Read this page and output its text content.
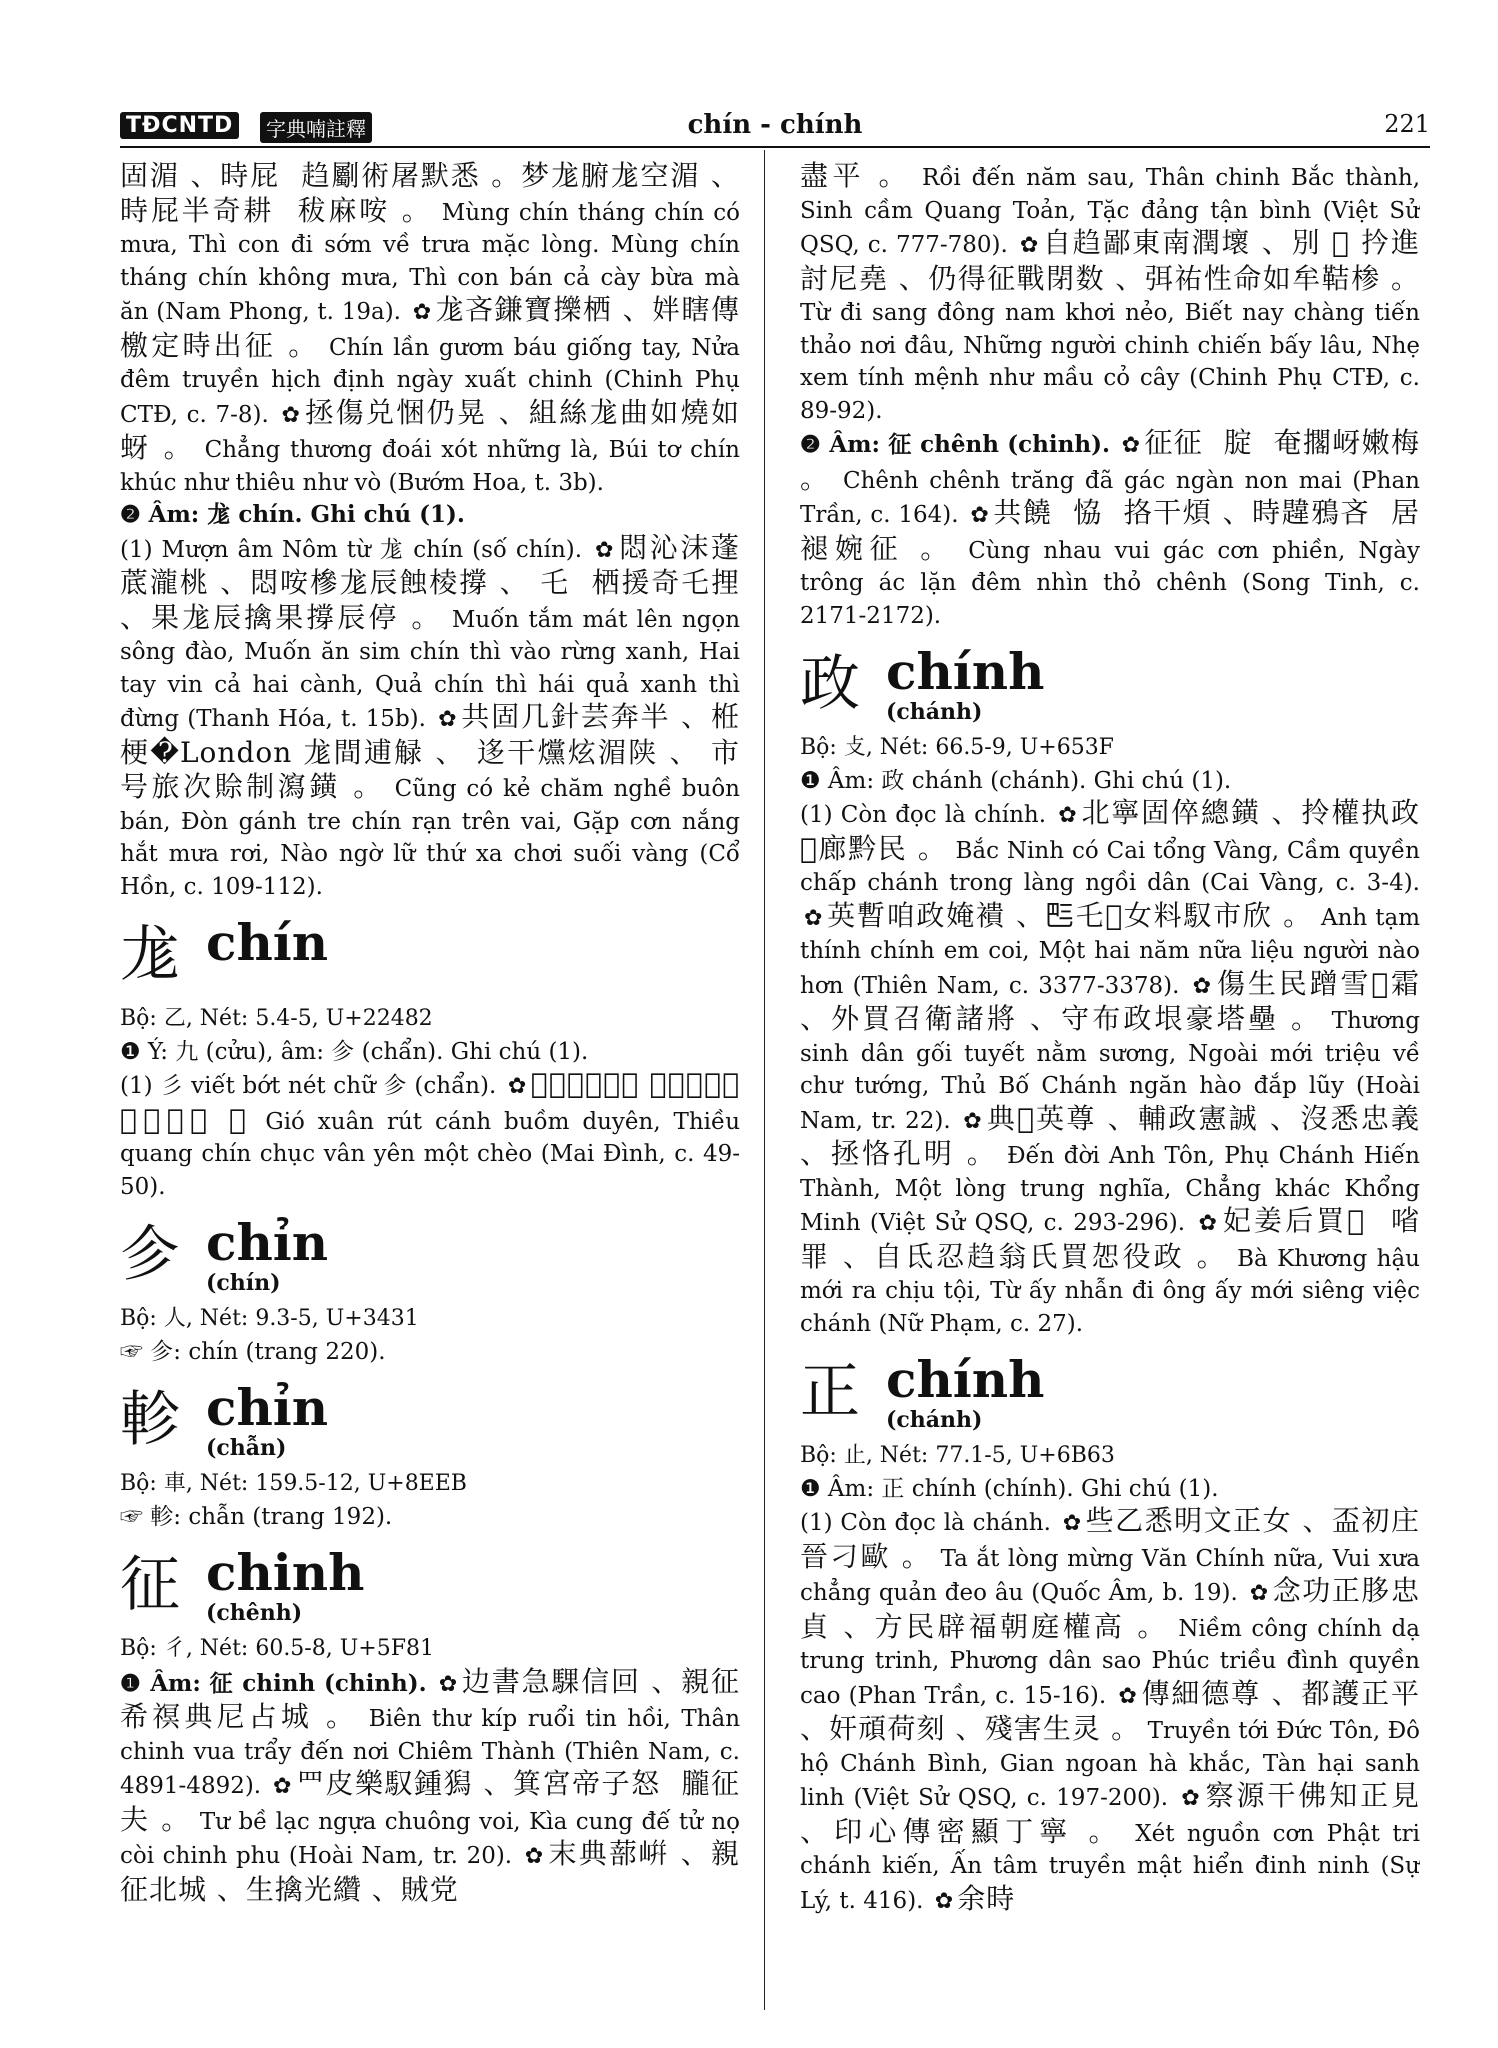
TĐCNTD	字典喃註釋	chín - chính	221

固湄 、時屁 ​​ 趋劚術屠默悉 。梦尨腑尨空湄 、時屁半奇耕 ​​ 秡麻咹 。 Mùng chín tháng chín có mưa, Thì con đi sớm về trưa mặc lòng. Mùng chín tháng chín không mưa, Thì con bán cả cày bừa mà ăn (Nam Phong, t. 19a). ✿ 尨吝鎌寶擽栖 、姅瞎傳檄定時出征 。 Chín lần gươm báu giống tay, Nửa đêm truyền hịch định ngày xuất chinh (Chinh Phụ CTĐ, c. 7-8). ✿ 拯傷兑悃仍晃 、組絲尨曲如燒如蚜 。 Chẳng thương đoái xót những là, Búi tơ chín khúc như thiêu như vò (Bướm Hoa, t. 3b).

❷ Âm: 尨 chín. Ghi chú (1).

(1) Mượn âm Nôm từ 尨 chín (số chín). ✿ 悶沁沫蓬菧瀧桃 、悶咹槮尨辰蝕棱撐 、 乇 ​​ 栖援奇乇捚 、果尨辰擒果撐辰停 。 Muốn tắm mát lên ngọn sông đào, Muốn ăn sim chín thì vào rừng xanh, Hai tay vin cả hai cành, Quả chín thì hái quả xanh thì đừng (Thanh Hóa, t. 15b). ✿ 共固几針芸奔半 、栣梗�London 尨間逋觮 、 迻干爣炫湄陕 、 市 号旅次賒制瀉鐄 。 Cũng có kẻ chăm nghề buôn bán, Đòn gánh tre chín rạn trên vai, Gặp cơn nắng hắt mưa rơi, Nào ngờ lữ thứ xa chơi suối vàng (Cổ Hồn, c. 109-112).

尨 chín

Bộ: 乙, Nét: 5.4-5, U+22482

❶ Ý: 九 (cửu), âm: 㐱 (chẩn). Ghi chú (1).

(1) 彡 viết bớt nét chữ 㐱 (chẩn). ✿ 𩙌春捽翅帆緣 、韶光尨㥀雲煙沒𨖅 。 Gió xuân rút cánh buồm duyên, Thiều quang chín chục vân yên một chèo (Mai Đình, c. 49-50).

㐱 chỉn
(chín)

Bộ: 人, Nét: 9.3-5, U+3431

☞ 㐱: chín (trang 220).

軫 chỉn
(chẫn)

Bộ: 車, Nét: 159.5-12, U+8EEB

☞ 軫: chẫn (trang 192).

征 chinh
(chênh)

Bộ: 彳, Nét: 60.5-8, U+5F81

❶ Âm: 征 chinh (chinh). ✿ 边書急騍信回 、親征希䄙典尼占城 。 Biên thư kíp ruổi tin hồi, Thân chinh vua trẩy đến nơi Chiêm Thành (Thiên Nam, c. 4891-4892). ✿ 罒皮樂馭鍾獡 、箕宮帝子怒 ​​ 朧征夫 。 Tư bề lạc ngựa chuông voi, Kìa cung đế tử nọ còi chinh phu (Hoài Nam, tr. 20). ✿ 末典蔀𡸫 、親征北城 、生擒光纘 、賊党

盡平 。 Rồi đến năm sau, Thân chinh Bắc thành, Sinh cầm Quang Toản, Tặc đảng tận bình (Việt Sử QSQ, c. 777-780). ✿ 自趋鄙東南潤壞 、別 𠳨 扲進討尼堯 、仍得征戰閉数 、弭祐性命如牟鞊椮 。 Từ đi sang đông nam khơi nẻo, Biết nay chàng tiến thảo nơi đâu, Những người chinh chiến bấy lâu, Nhẹ xem tính mệnh như mầu cỏ cây (Chinh Phụ CTĐ, c. 89-92).

❷ Âm: 征 chênh (chinh). ✿ 征征 ​​ 腚 ​​ 奄擱岈嫩梅 。 Chênh chênh trăng đã gác ngàn non mai (Phan Trần, c. 164). ✿ 共饒 ​​ 恊 ​​ 挌干煩 、時韙鴉吝 ​​ 居褪婉征 。 Cùng nhau vui gác cơn phiền, Ngày trông ác lặn đêm nhìn thỏ chênh (Song Tinh, c. 2171-2172).

政 chính
(chánh)

Bộ: 攴, Nét: 66.5-9, U+653F

❶ Âm: 政 chánh (chánh). Ghi chú (1).

(1) Còn đọc là chính. ✿ 北寧固倅總鐄 、拎權执政𥙩廊黔民 。 Bắc Ninh có Cai tổng Vàng, Cầm quyền chấp chánh trong làng ngồi dân (Cai Vàng, c. 3-4). ✿ 英暫咱政㛪䙡 、𠀧乇𢆥女料馭市欣 。 Anh tạm thính chính em coi, Một hai năm nữa liệu người nào hơn (Thiên Nam, c. 3377-3378). ✿ 傷生民蹭雪𦝄霜 、外買召衛諸將 、守布政垠豪塔壘 。 Thương sinh dân gối tuyết nằm sương, Ngoài mới triệu về chư tướng, Thủ Bố Chánh ngăn hào đắp lũy (Hoài Nam, tr. 22). ✿ 典𠁀英尊 、輔政憲誠 、沒悉忠義 、拯恪孔明 。 Đến đời Anh Tôn, Phụ Chánh Hiến Thành, Một lòng trung nghĩa, Chẳng khác Khổng Minh (Việt Sử QSQ, c. 293-296). ✿ 妃姜后買𨁪 ​​ 㗂罪 、自氐忍趋翁氏買㤎役政 。 Bà Khương hậu mới ra chịu tội, Từ ấy nhẫn đi ông ấy mới siêng việc chánh (Nữ Phạm, c. 27).

正 chính
(chánh)

Bộ: 止, Nét: 77.1-5, U+6B63

❶ Âm: 正 chính (chính). Ghi chú (1).

(1) Còn đọc là chánh. ✿ 些乙悉明文正女 、盃初庄晉刁歐 。 Ta ắt lòng mừng Văn Chính nữa, Vui xưa chẳng quản đeo âu (Quốc Âm, b. 19). ✿ 念功正䏧忠貞 、方民辟福朝庭權高 。 Niềm công chính dạ trung trinh, Phương dân sao Phúc triều đình quyền cao (Phan Trần, c. 15-16). ✿ 傳細德尊 、都護正平 、奸頑荷刻 、殘害生灵 。 Truyền tới Đức Tôn, Đô hộ Chánh Bình, Gian ngoan hà khắc, Tàn hại sanh linh (Việt Sử QSQ, c. 197-200). ✿ 察源干佛知正見 、印心傳密顯丁寧 。 Xét nguồn cơn Phật tri chánh kiến, Ấn tâm truyền mật hiển đinh ninh (Sự Lý, t. 416). ✿ 余時
